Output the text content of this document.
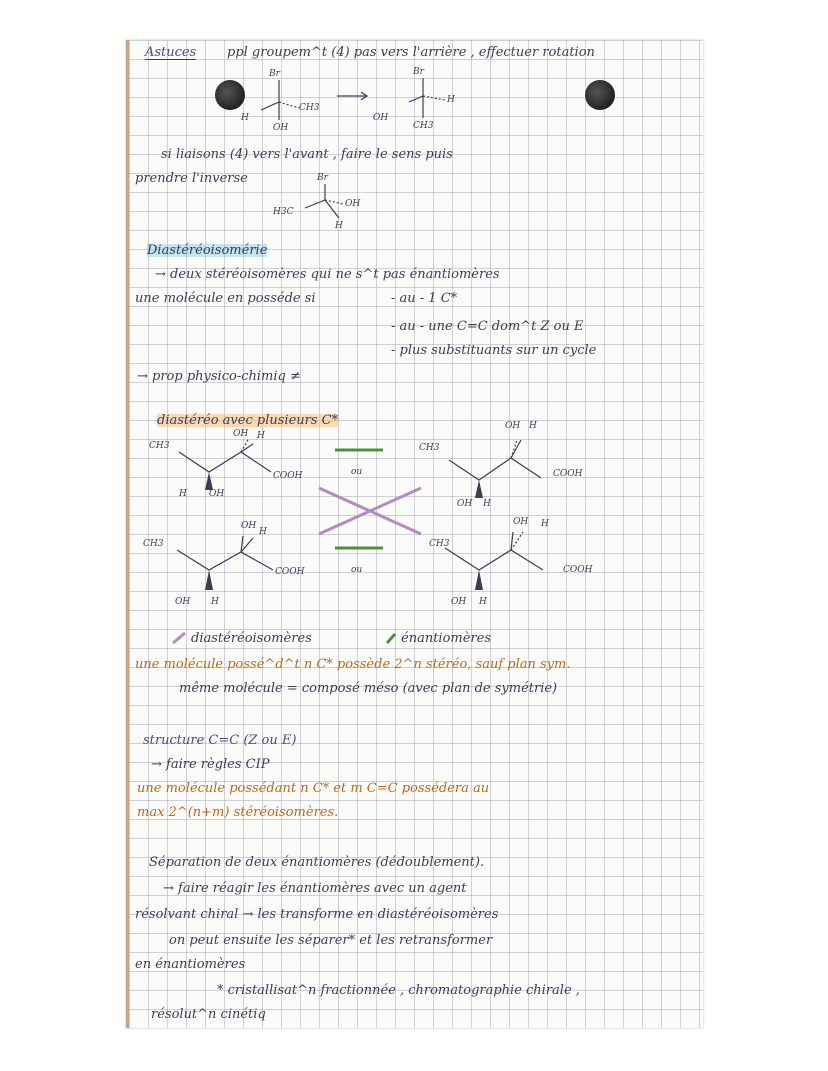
Astuces ppl groupem^t (4) pas vers l'arrière , effectuer rotation
Br
H
CH3
OH
Br
H
OH
CH3
si liaisons (4) vers l'avant , faire le sens puis
prendre l'inverse	Br
H3C
OH
H
Diastéréoisomérie
→ deux stéréoisomères qui ne s^t pas énantiomères
une molécule en posséde si	- au - 1 C*
- au - une C=C dom^t Z ou E
- plus substituants sur un cycle
→ prop physico-chimiq ≠
diastéréo avec plusieurs C*
CH3
OH H
COOH
H OH
ou
CH3
OH H
COOH
OH H
CH3
OH
H
COOH
OH H
ou
CH3
OH H
COOH
OH H
diastéréoisomères	énantiomères
une molécule possé^d^t n C* possède 2^n stéréo, sauf plan sym.
même molécule = composé méso (avec plan de symétrie)
structure C=C (Z ou E)
→ faire règles CIP
une molécule possédant n C* et m C=C possédera au
max 2^(n+m) stéréoisomères.
Séparation de deux énantiomères (dédoublement).
→ faire réagir les énantiomères avec un agent
résolvant chiral → les transforme en diastéréoisomères
on peut ensuite les séparer* et les retransformer
en énantiomères
* cristallisat^n fractionnée , chromatographie chirale ,
résolut^n cinétiq
